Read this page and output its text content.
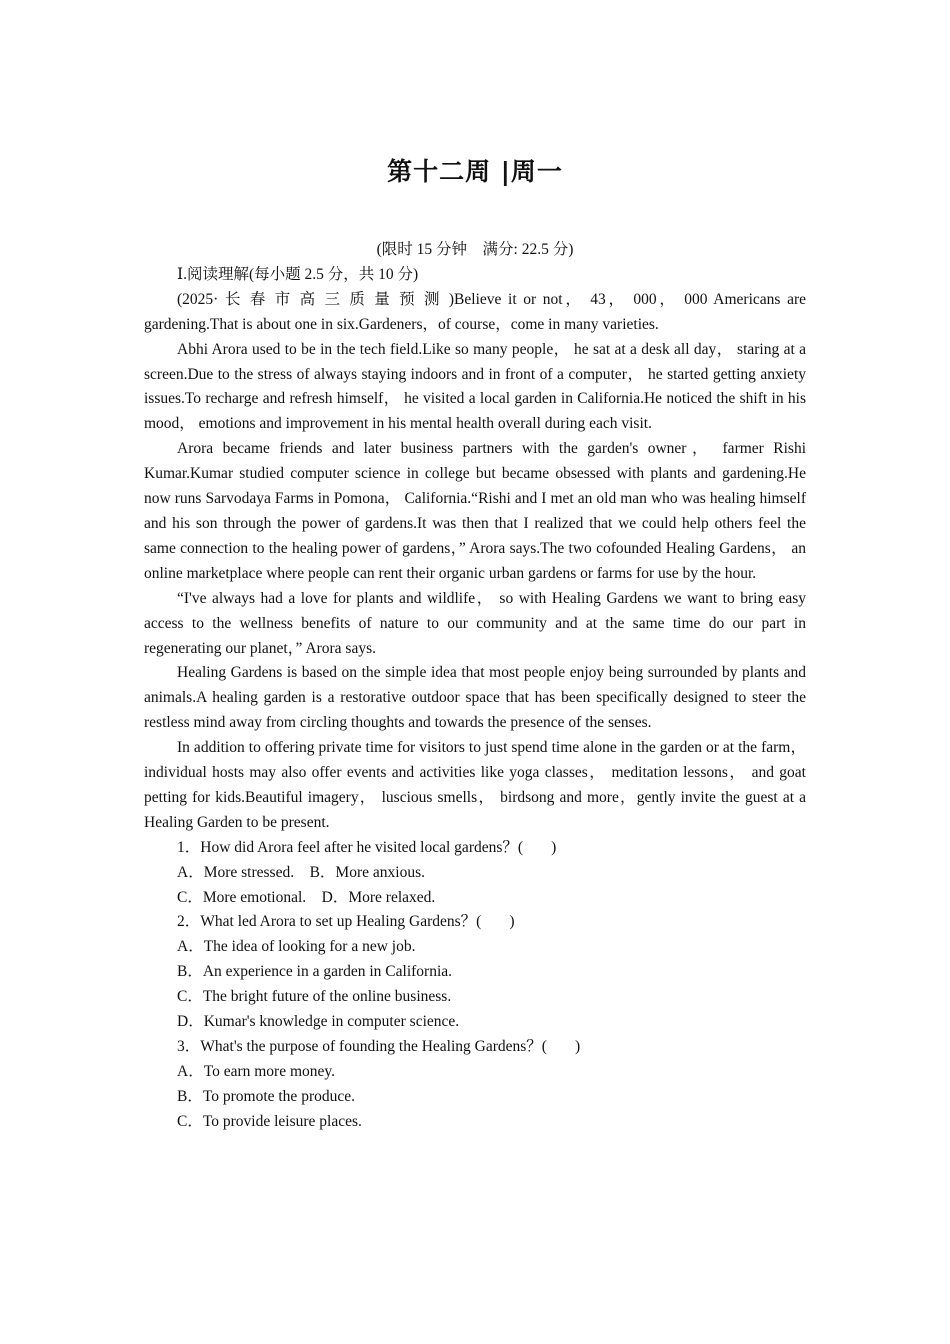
第十二周 |周一
(限时 15 分钟　满分: 22.5 分)
Ⅰ.阅读理解(每小题 2.5 分，共 10 分)

(2025· 长 春 市 高 三 质 量 预 测 )Believe it or not， 43， 000， 000 Americans are gardening.That is about one in six.Gardeners，of course，come in many varieties.

Abhi Arora used to be in the tech field.Like so many people， he sat at a desk all day， staring at a screen.Due to the stress of always staying indoors and in front of a computer， he started getting anxiety issues.To recharge and refresh himself， he visited a local garden in California.He noticed the shift in his mood， emotions and improvement in his mental health overall during each visit.

Arora became friends and later business partners with the garden's owner， farmer Rishi Kumar.Kumar studied computer science in college but became obsessed with plants and gardening.He now runs Sarvodaya Farms in Pomona， California.“Rishi and I met an old man who was healing himself and his son through the power of gardens.It was then that I realized that we could help others feel the same connection to the healing power of gardens，” Arora says.The two cofounded Healing Gardens， an online marketplace where people can rent their organic urban gardens or farms for use by the hour.

“I've always had a love for plants and wildlife， so with Healing Gardens we want to bring easy access to the wellness benefits of nature to our community and at the same time do our part in regenerating our planet，” Arora says.

Healing Gardens is based on the simple idea that most people enjoy being surrounded by plants and animals.A healing garden is a restorative outdoor space that has been specifically designed to steer the restless mind away from circling thoughts and towards the presence of the senses.

In addition to offering private time for visitors to just spend time alone in the garden or at the farm， individual hosts may also offer events and activities like yoga classes， meditation lessons， and goat petting for kids.Beautiful imagery， luscious smells， birdsong and more，gently invite the guest at a Healing Garden to be present.

1．How did Arora feel after he visited local gardens？( )
A．More stressed.　B．More anxious.
C．More emotional.　D．More relaxed.
2．What led Arora to set up Healing Gardens？( )
A．The idea of looking for a new job.
B．An experience in a garden in California.
C．The bright future of the online business.
D．Kumar's knowledge in computer science.
3．What's the purpose of founding the Healing Gardens？( )
A．To earn more money.
B．To promote the produce.
C．To provide leisure places.
